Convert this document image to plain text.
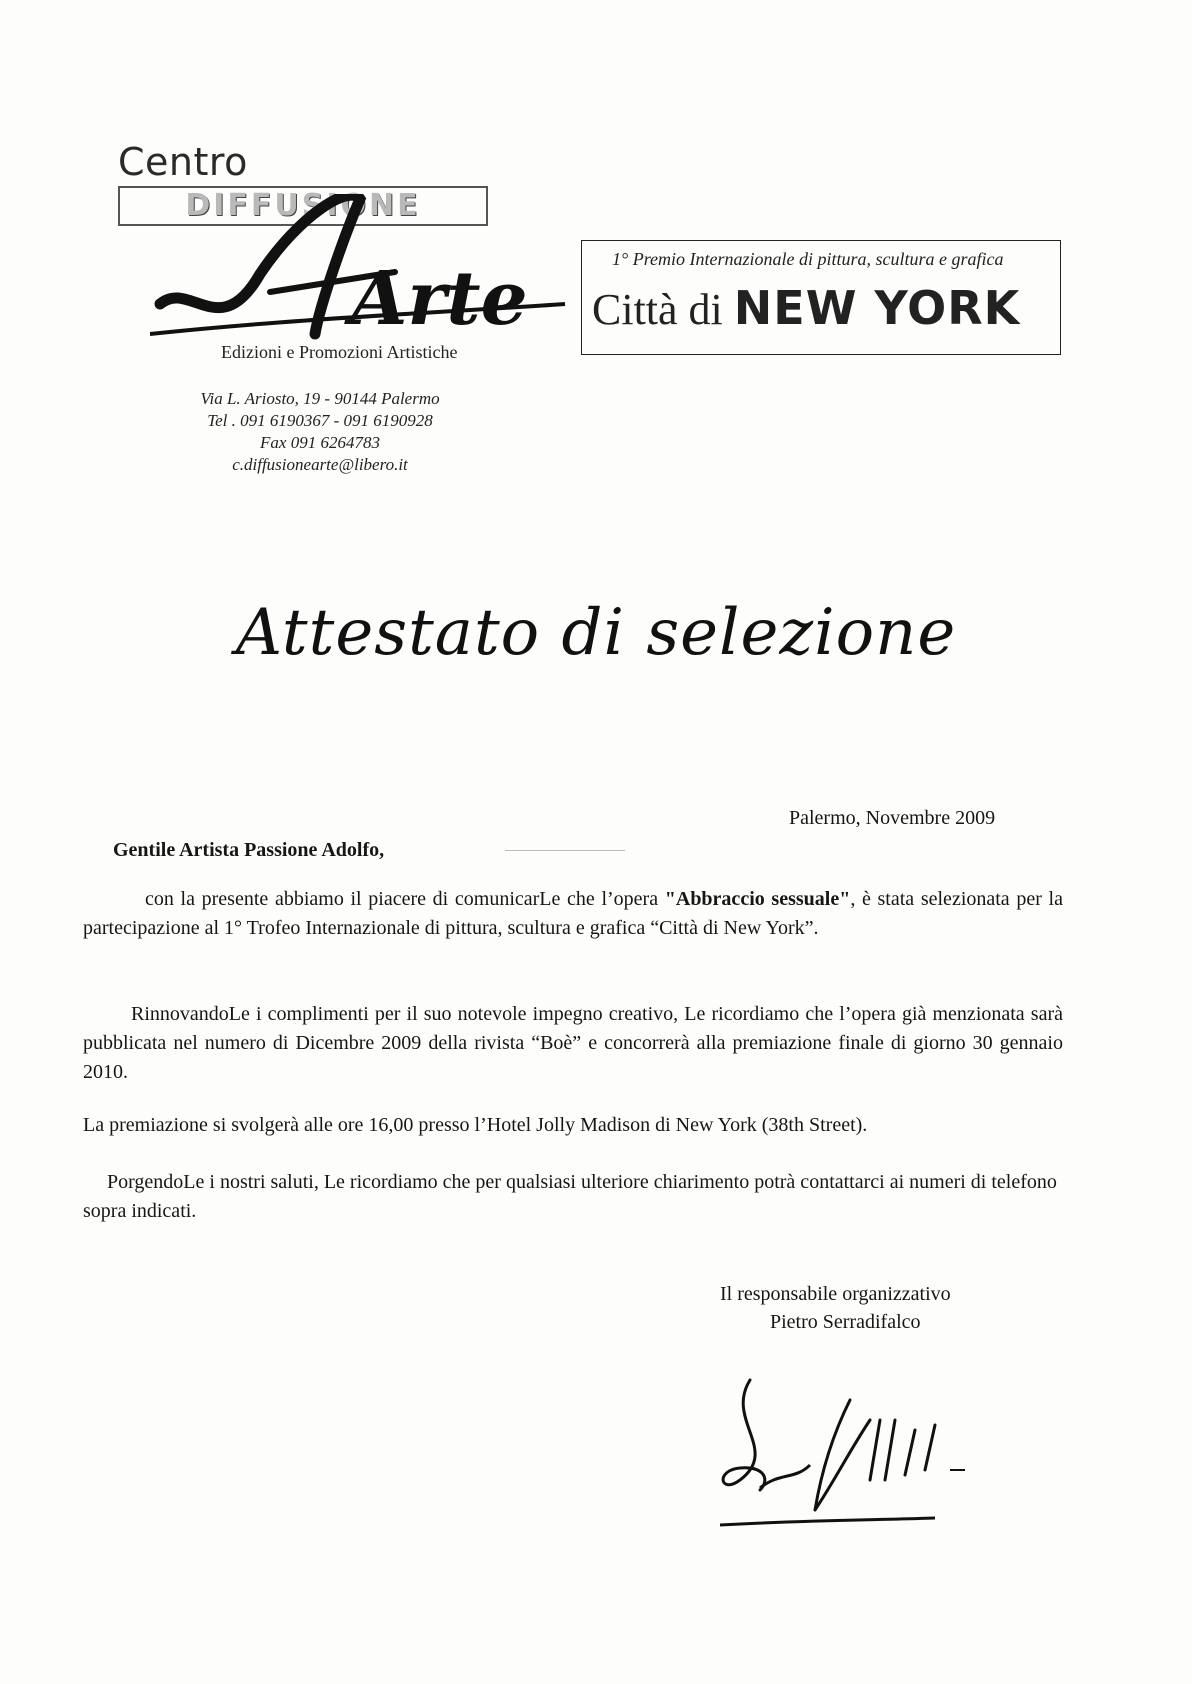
Centro
DIFFUSIONE
Arte
Edizioni e Promozioni Artistiche
Via L. Ariosto, 19 - 90144 Palermo
Tel . 091 6190367 - 091 6190928
Fax 091 6264783
c.diffusionearte@libero.it
1° Premio Internazionale di pittura, scultura e grafica
Città di NEW YORK
Attestato di selezione
Palermo, Novembre 2009
Gentile Artista Passione Adolfo,
con la presente abbiamo il piacere di comunicarLe che l’opera "Abbraccio sessuale", è stata selezionata per la partecipazione al 1° Trofeo Internazionale di pittura, scultura e grafica “Città di New York”.
RinnovandoLe i complimenti per il suo notevole impegno creativo, Le ricordiamo che l’opera già menzionata sarà pubblicata nel numero di Dicembre 2009 della rivista “Boè” e concorrerà alla premiazione finale di giorno 30 gennaio 2010.
La premiazione si svolgerà alle ore 16,00 presso l’Hotel Jolly Madison di New York (38th Street).
PorgendoLe i nostri saluti, Le ricordiamo che per qualsiasi ulteriore chiarimento potrà contattarci ai numeri di telefono sopra indicati.
Il responsabile organizzativo
Pietro Serradifalco
